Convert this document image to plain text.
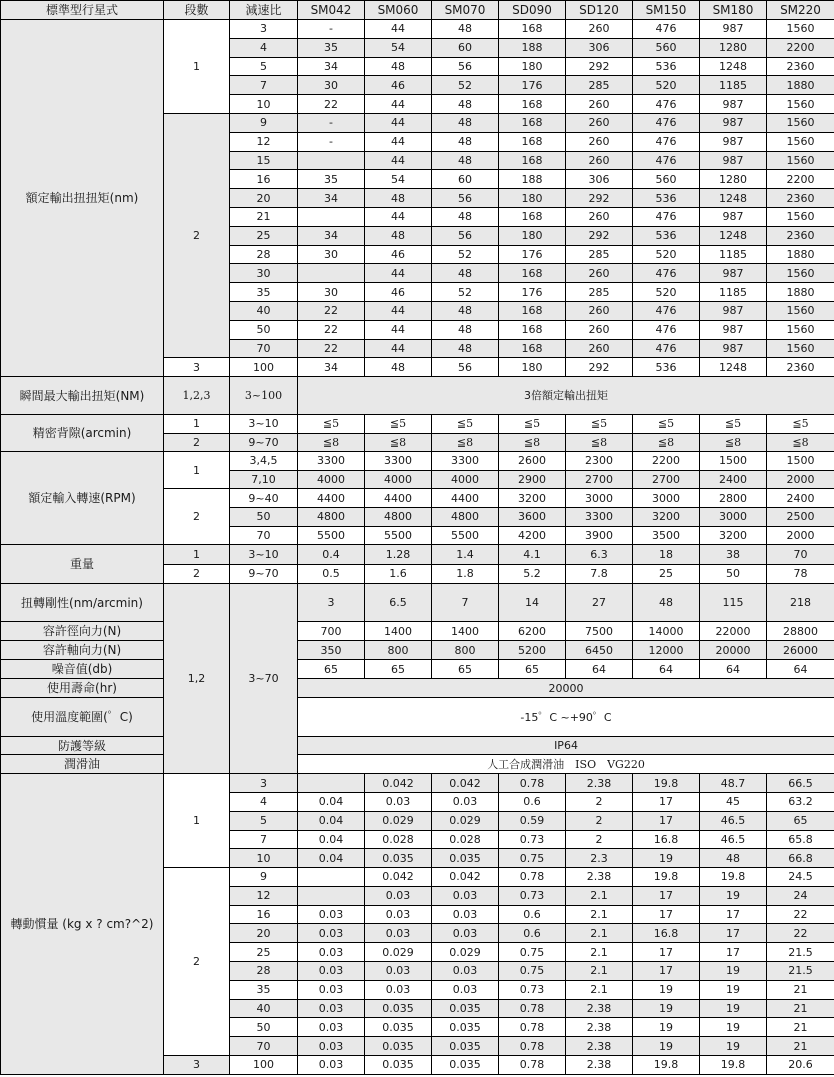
標準型行星式	段數	減速比	SM042	SM060	SM070	SD090	SD120	SM150	SM180	SM220
額定輸出扭扭矩(nm)	1	3	-	44	48	168	260	476	987	1560
		4	35	54	60	188	306	560	1280	2200
		5	34	48	56	180	292	536	1248	2360
		7	30	46	52	176	285	520	1185	1880
		10	22	44	48	168	260	476	987	1560
	2	9	-	44	48	168	260	476	987	1560
		12	-	44	48	168	260	476	987	1560
		15		44	48	168	260	476	987	1560
		16	35	54	60	188	306	560	1280	2200
		20	34	48	56	180	292	536	1248	2360
		21		44	48	168	260	476	987	1560
		25	34	48	56	180	292	536	1248	2360
		28	30	46	52	176	285	520	1185	1880
		30		44	48	168	260	476	987	1560
		35	30	46	52	176	285	520	1185	1880
		40	22	44	48	168	260	476	987	1560
		50	22	44	48	168	260	476	987	1560
		70	22	44	48	168	260	476	987	1560
	3	100	34	48	56	180	292	536	1248	2360
瞬間最大輸出扭矩(NM)	1,2,3	3~100	3倍額定輸出扭矩							
精密背隙(arcmin)	1	3~10	≦5	≦5	≦5	≦5	≦5	≦5	≦5	≦5
	2	9~70	≦8	≦8	≦8	≦8	≦8	≦8	≦8	≦8
額定輸入轉速(RPM)	1	3,4,5	3300	3300	3300	2600	2300	2200	1500	1500
		7,10	4000	4000	4000	2900	2700	2700	2400	2000
	2	9~40	4400	4400	4400	3200	3000	3000	2800	2400
		50	4800	4800	4800	3600	3300	3200	3000	2500
		70	5500	5500	5500	4200	3900	3500	3200	2000
重量	1	3~10	0.4	1.28	1.4	4.1	6.3	18	38	70
	2	9~70	0.5	1.6	1.8	5.2	7.8	25	50	78
扭轉剛性(nm/arcmin)	1,2	3~70	3	6.5	7	14	27	48	115	218
容許徑向力(N)			700	1400	1400	6200	7500	14000	22000	28800
容許軸向力(N)			350	800	800	5200	6450	12000	20000	26000
噪音值(db)			65	65	65	65	64	64	64	64
使用壽命(hr)			20000							
使用溫度範圍(゜C)			-15゜C ~+90゜C							
防護等級			IP64							
潤滑油			人工合成潤滑油　ISO　VG220							
轉動慣量 (kg x ? cm?^2)	1	3		0.042	0.042	0.78	2.38	19.8	48.7	66.5
		4	0.04	0.03	0.03	0.6	2	17	45	63.2
		5	0.04	0.029	0.029	0.59	2	17	46.5	65
		7	0.04	0.028	0.028	0.73	2	16.8	46.5	65.8
		10	0.04	0.035	0.035	0.75	2.3	19	48	66.8
	2	9		0.042	0.042	0.78	2.38	19.8	19.8	24.5
		12		0.03	0.03	0.73	2.1	17	19	24
		16	0.03	0.03	0.03	0.6	2.1	17	17	22
		20	0.03	0.03	0.03	0.6	2.1	16.8	17	22
		25	0.03	0.029	0.029	0.75	2.1	17	17	21.5
		28	0.03	0.03	0.03	0.75	2.1	17	19	21.5
		35	0.03	0.03	0.03	0.73	2.1	19	19	21
		40	0.03	0.035	0.035	0.78	2.38	19	19	21
		50	0.03	0.035	0.035	0.78	2.38	19	19	21
		70	0.03	0.035	0.035	0.78	2.38	19	19	21
	3	100	0.03	0.035	0.035	0.78	2.38	19.8	19.8	20.6
